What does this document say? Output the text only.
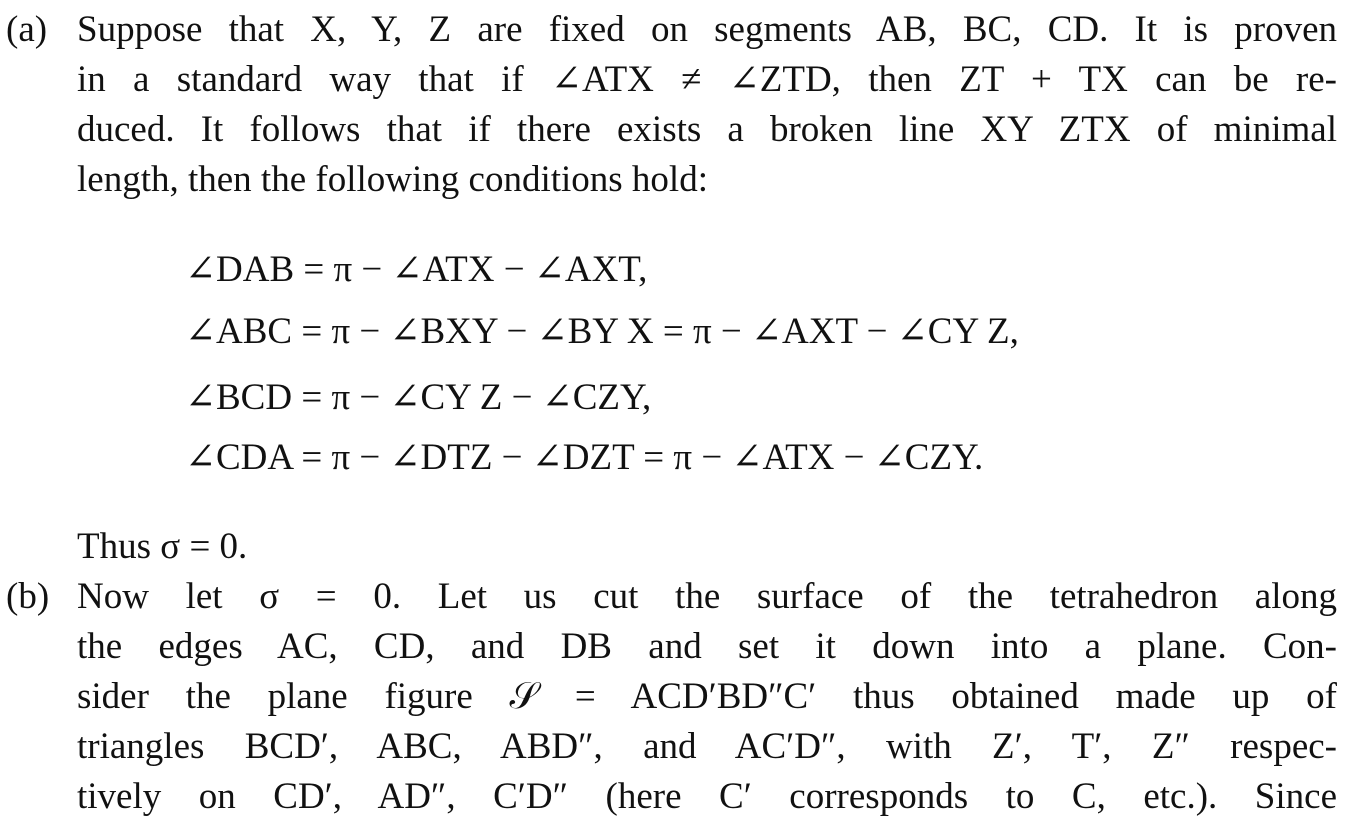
(a) Suppose that X, Y, Z are fixed on segments AB, BC, CD. It is proven
in a standard way that if ∠ATX ≠ ∠ZTD, then ZT + TX can be re-
duced. It follows that if there exists a broken line XY ZTX of minimal
length, then the following conditions hold:
∠DAB = π − ∠ATX − ∠AXT,
∠ABC = π − ∠BXY − ∠BY X = π − ∠AXT − ∠CY Z,
∠BCD = π − ∠CY Z − ∠CZY,
∠CDA = π − ∠DTZ − ∠DZT = π − ∠ATX − ∠CZY.
Thus σ = 0.
(b) Now let σ = 0. Let us cut the surface of the tetrahedron along
the edges AC, CD, and DB and set it down into a plane. Con-
sider the plane figure 𝒮 = ACD′BD″C′ thus obtained made up of
triangles BCD′, ABC, ABD″, and AC′D″, with Z′, T′, Z″ respec-
tively on CD′, AD″, C′D″ (here C′ corresponds to C, etc.). Since
